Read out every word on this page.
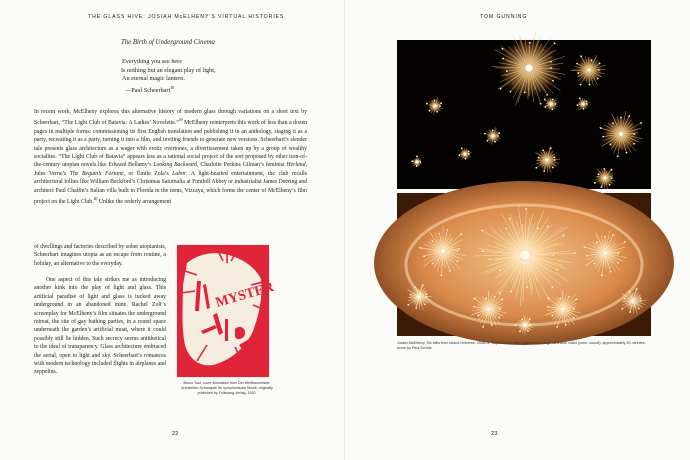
THE GLASS HIVE: JOSIAH McELHENY’S VIRTUAL HISTORIES
The Birth of Underground Cinema
Everything you see here
Is nothing but an elegant play of light,
An eternal magic lantern.
—Paul Scheerbart$^{38}$

In recent work, McElheny explores this alternative history of modern glass through variations on a short text by Scheerbart, “The Light Club of Batavia: A Ladies’ Novelette.”$^{39}$ McElheny reinterprets this work of less than a dozen pages in multiple forms: commissioning its first English translation and publishing it in an anthology, staging it as a party, recreating it as a party, turning it into a film, and inviting friends to generate new versions. Scheerbart’s slender tale presents glass architecture as a wager with erotic overtones, a divertissement taken up by a group of wealthy socialites. “The Light Club of Batavia” appears less as a rational social project of the sort proposed by other turn-of-the-century utopian novels like Edward Bellamy’s Looking Backward, Charlotte Perkins Gilman’s feminist Herland, Jules Verne’s The Begum’s Fortune, or Émile Zola’s Labor. A light-hearted entertainment, the club recalls architectural follies like William Beckford’s Christmas Saturnalia at Fonthill Abbey or industrialist James Deering and architect Paul Chalfin’s Italian villa built in Florida in the teens, Vizcaya, which forms the center of McElheny’s film project on the Light Club.$^{40}$ Unlike the orderly arrangement

of dwellings and factories described by sober utopianists, Scheerbart imagines utopia as an escape from routine, a holiday, an alternative to the everyday.
One aspect of this tale strikes me as introducing another kink into the play of light and glass. This artificial paradise of light and glass is tucked away underground in an abandoned mine. Rachel Zolf’s screenplay for McElheny’s film situates the underground retreat, the site of gay bathing parties, in a round space underneath the garden’s artificial moat, where it could possibly still lie hidden. Such secrecy seems antithetical to the ideal of transparency. Glass architecture embraced the aerial, open to light and sky. Scheerbart’s romances with modern technology included flights in airplanes and zeppelins.
MYSTER
Bruno Taut, cover illustration from Der Weltbaumeister. Architektur-Schauspiel für symphonische Musik, originally published by Folkwang-Verlag, 1920.
22
TOM GUNNING
Josiah McElheny, Six stills from Island Universe, 2008–9. Super-16 mm film transferred to high-definition video (color, sound); approximately 20 minutes; score by Paul Schütz.
23
